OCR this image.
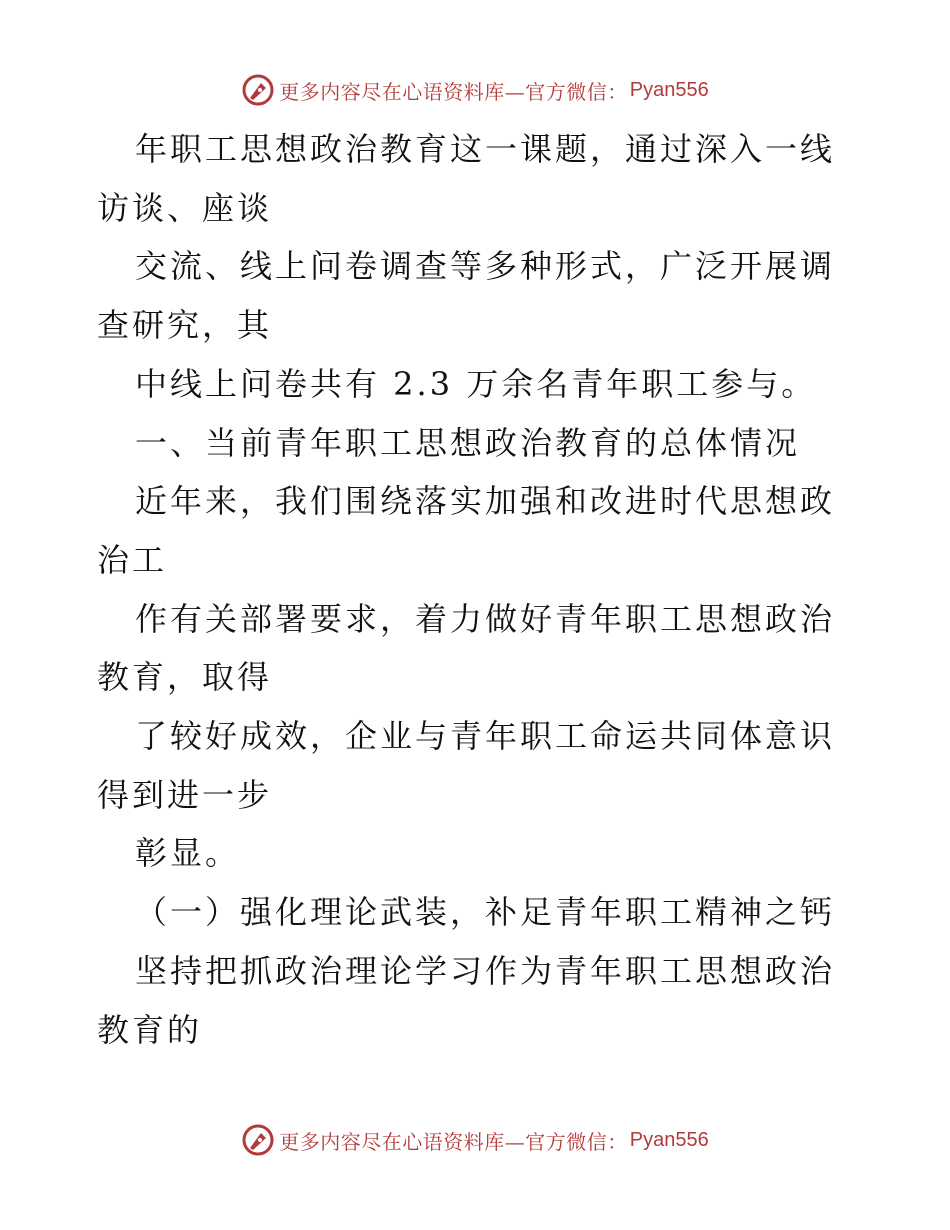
更多内容尽在心语资料库—官方微信： Pyan556

年职工思想政治教育这一课题，通过深入一线访谈、座谈

交流、线上问卷调查等多种形式，广泛开展调查研究，其

中线上问卷共有 2.3 万余名青年职工参与。

一、当前青年职工思想政治教育的总体情况

近年来，我们围绕落实加强和改进时代思想政治工

作有关部署要求，着力做好青年职工思想政治教育，取得

了较好成效，企业与青年职工命运共同体意识得到进一步

彰显。

（一）强化理论武装，补足青年职工精神之钙

坚持把抓政治理论学习作为青年职工思想政治教育的

更多内容尽在心语资料库—官方微信： Pyan556
